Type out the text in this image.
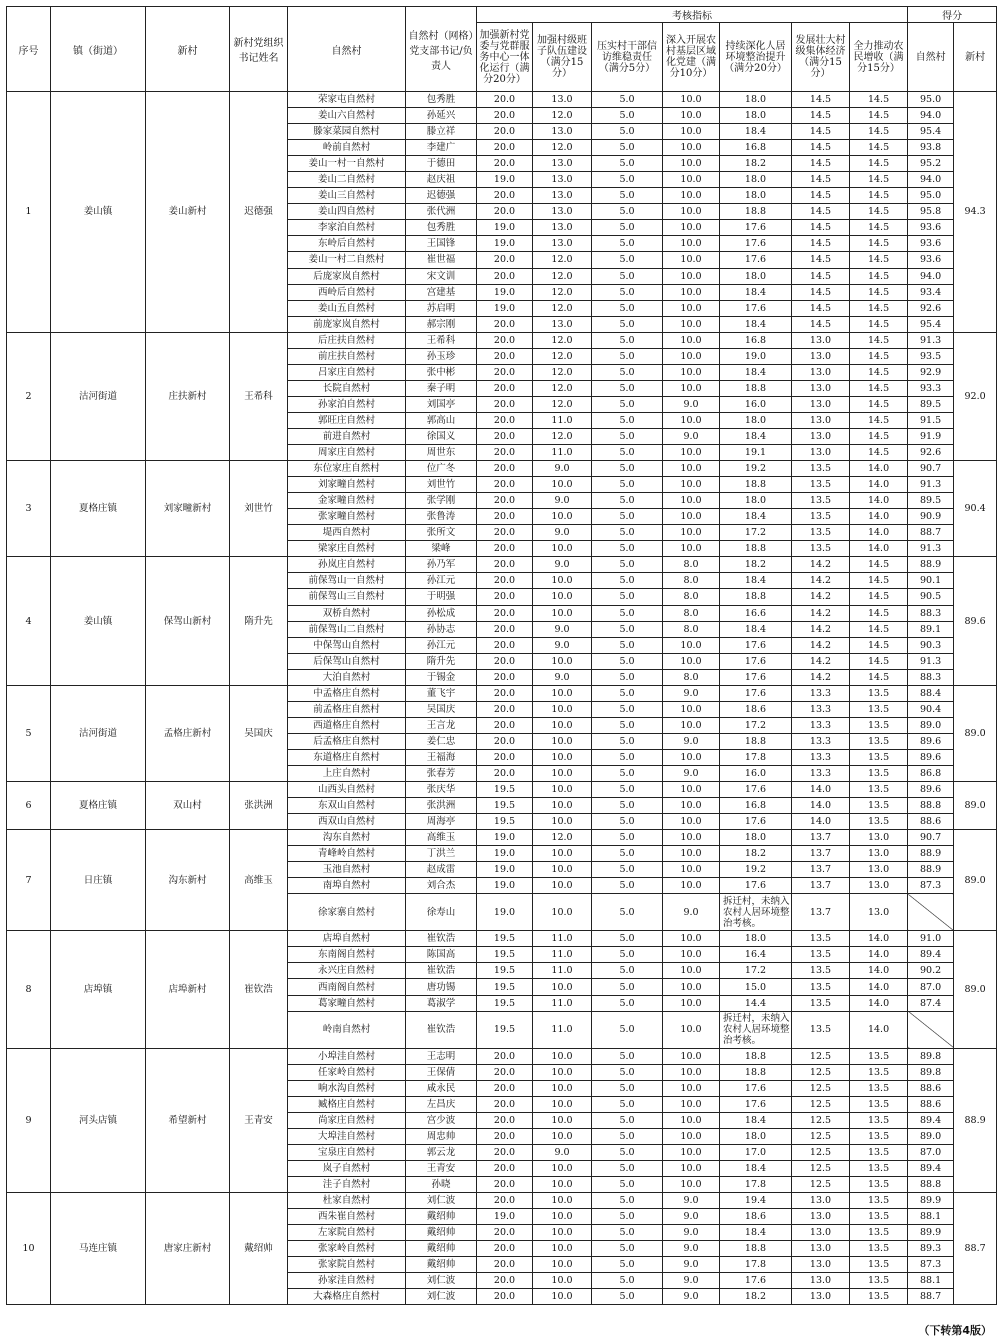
序号	镇（街道）	新村	新村党组织书记姓名	自然村	自然村（网格）党支部书记/负责人	考核指标							得分	
						加强新村党委与党群服务中心一体化运行（满分20分）	加强村级班子队伍建设（满分15分）	压实村干部信访维稳责任（满分5分）	深入开展农村基层区域化党建（满分10分）	持续深化人居环境整治提升（满分20分）	发展壮大村级集体经济（满分15分）	全力推动农民增收（满分15分）	自然村	新村
1	姜山镇	姜山新村	迟德强	荣家屯自然村	包秀胜	20.0	13.0	5.0	10.0	18.0	14.5	14.5	95.0	94.3
				姜山六自然村	孙延兴	20.0	12.0	5.0	10.0	18.0	14.5	14.5	94.0	
				滕家菜园自然村	滕立祥	20.0	13.0	5.0	10.0	18.4	14.5	14.5	95.4	
				岭前自然村	李建广	20.0	12.0	5.0	10.0	16.8	14.5	14.5	93.8	
				姜山一村一自然村	于德田	20.0	13.0	5.0	10.0	18.2	14.5	14.5	95.2	
				姜山二自然村	赵庆祖	19.0	13.0	5.0	10.0	18.0	14.5	14.5	94.0	
				姜山三自然村	迟德强	20.0	13.0	5.0	10.0	18.0	14.5	14.5	95.0	
				姜山四自然村	张代洲	20.0	13.0	5.0	10.0	18.8	14.5	14.5	95.8	
				李家泊自然村	包秀胜	19.0	13.0	5.0	10.0	17.6	14.5	14.5	93.6	
				东岭后自然村	王国锋	19.0	13.0	5.0	10.0	17.6	14.5	14.5	93.6	
				姜山一村二自然村	崔世福	20.0	12.0	5.0	10.0	17.6	14.5	14.5	93.6	
				后庞家岚自然村	宋文训	20.0	12.0	5.0	10.0	18.0	14.5	14.5	94.0	
				西岭后自然村	宫建基	19.0	12.0	5.0	10.0	18.4	14.5	14.5	93.4	
				姜山五自然村	苏启明	19.0	12.0	5.0	10.0	17.6	14.5	14.5	92.6	
				前庞家岚自然村	郝宗刚	20.0	13.0	5.0	10.0	18.4	14.5	14.5	95.4	
2	沽河街道	庄扶新村	王希科	后庄扶自然村	王希科	20.0	12.0	5.0	10.0	16.8	13.0	14.5	91.3	92.0
				前庄扶自然村	孙玉珍	20.0	12.0	5.0	10.0	19.0	13.0	14.5	93.5	
				吕家庄自然村	张中彬	20.0	12.0	5.0	10.0	18.4	13.0	14.5	92.9	
				长院自然村	秦子明	20.0	12.0	5.0	10.0	18.8	13.0	14.5	93.3	
				孙家泊自然村	刘国亭	20.0	12.0	5.0	9.0	16.0	13.0	14.5	89.5	
				郭旺庄自然村	郭高山	20.0	11.0	5.0	10.0	18.0	13.0	14.5	91.5	
				前进自然村	徐国义	20.0	12.0	5.0	9.0	18.4	13.0	14.5	91.9	
				周家庄自然村	周世东	20.0	11.0	5.0	10.0	19.1	13.0	14.5	92.6	
3	夏格庄镇	刘家疃新村	刘世竹	东位家庄自然村	位广冬	20.0	9.0	5.0	10.0	19.2	13.5	14.0	90.7	90.4
				刘家疃自然村	刘世竹	20.0	10.0	5.0	10.0	18.8	13.5	14.0	91.3	
				金家疃自然村	张学刚	20.0	9.0	5.0	10.0	18.0	13.5	14.0	89.5	
				张家疃自然村	张鲁涛	20.0	10.0	5.0	10.0	18.4	13.5	14.0	90.9	
				堤西自然村	张所文	20.0	9.0	5.0	10.0	17.2	13.5	14.0	88.7	
				梁家庄自然村	梁峰	20.0	10.0	5.0	10.0	18.8	13.5	14.0	91.3	
4	姜山镇	保驾山新村	隋升先	孙岚庄自然村	孙乃军	20.0	9.0	5.0	8.0	18.2	14.2	14.5	88.9	89.6
				前保驾山一自然村	孙江元	20.0	10.0	5.0	8.0	18.4	14.2	14.5	90.1	
				前保驾山三自然村	于明强	20.0	10.0	5.0	8.0	18.8	14.2	14.5	90.5	
				双桥自然村	孙松成	20.0	10.0	5.0	8.0	16.6	14.2	14.5	88.3	
				前保驾山二自然村	孙协志	20.0	9.0	5.0	8.0	18.4	14.2	14.5	89.1	
				中保驾山自然村	孙江元	20.0	9.0	5.0	10.0	17.6	14.2	14.5	90.3	
				后保驾山自然村	隋升先	20.0	10.0	5.0	10.0	17.6	14.2	14.5	91.3	
				大泊自然村	于锡金	20.0	9.0	5.0	8.0	17.6	14.2	14.5	88.3	
5	沽河街道	孟格庄新村	吴国庆	中孟格庄自然村	董飞宇	20.0	10.0	5.0	9.0	17.6	13.3	13.5	88.4	89.0
				前孟格庄自然村	吴国庆	20.0	10.0	5.0	10.0	18.6	13.3	13.5	90.4	
				西道格庄自然村	王言龙	20.0	10.0	5.0	10.0	17.2	13.3	13.5	89.0	
				后孟格庄自然村	姜仁忠	20.0	10.0	5.0	9.0	18.8	13.3	13.5	89.6	
				东道格庄自然村	王福海	20.0	10.0	5.0	10.0	17.8	13.3	13.5	89.6	
				上庄自然村	张春芳	20.0	10.0	5.0	9.0	16.0	13.3	13.5	86.8	
6	夏格庄镇	双山村	张洪洲	山西头自然村	张庆华	19.5	10.0	5.0	10.0	17.6	14.0	13.5	89.6	89.0
				东双山自然村	张洪洲	19.5	10.0	5.0	10.0	16.8	14.0	13.5	88.8	
				西双山自然村	周海亭	19.5	10.0	5.0	10.0	17.6	14.0	13.5	88.6	
7	日庄镇	沟东新村	高维玉	沟东自然村	高维玉	19.0	12.0	5.0	10.0	18.0	13.7	13.0	90.7	89.0
				青峰岭自然村	丁洪兰	19.0	10.0	5.0	10.0	18.2	13.7	13.0	88.9	
				玉池自然村	赵成雷	19.0	10.0	5.0	10.0	19.2	13.7	13.0	88.9	
				南埠自然村	刘合杰	19.0	10.0	5.0	10.0	17.6	13.7	13.0	87.3	
				徐家寨自然村	徐寿山	19.0	10.0	5.0	9.0	拆迁村，未纳入农村人居环境整治考核。	13.7	13.0		
8	店埠镇	店埠新村	崔钦浩	店埠自然村	崔钦浩	19.5	11.0	5.0	10.0	18.0	13.5	14.0	91.0	89.0
				东南阁自然村	陈国高	19.5	11.0	5.0	10.0	16.4	13.5	14.0	89.4	
				永兴庄自然村	崔钦浩	19.5	11.0	5.0	10.0	17.2	13.5	14.0	90.2	
				西南阁自然村	唐功锡	19.5	10.0	5.0	10.0	15.0	13.5	14.0	87.0	
				葛家疃自然村	葛淑学	19.5	11.0	5.0	10.0	14.4	13.5	14.0	87.4	
				岭南自然村	崔钦浩	19.5	11.0	5.0	10.0	拆迁村，未纳入农村人居环境整治考核。	13.5	14.0		
9	河头店镇	希望新村	王青安	小埠洼自然村	王志明	20.0	10.0	5.0	10.0	18.8	12.5	13.5	89.8	88.9
				任家岭自然村	王保倩	20.0	10.0	5.0	10.0	18.8	12.5	13.5	89.8	
				响水沟自然村	咸永民	20.0	10.0	5.0	10.0	17.6	12.5	13.5	88.6	
				臧格庄自然村	左昌庆	20.0	10.0	5.0	10.0	17.6	12.5	13.5	88.6	
				尚家庄自然村	宫少波	20.0	10.0	5.0	10.0	18.4	12.5	13.5	89.4	
				大埠洼自然村	周忠帅	20.0	10.0	5.0	10.0	18.0	12.5	13.5	89.0	
				宝泉庄自然村	郭云龙	20.0	9.0	5.0	10.0	17.0	12.5	13.5	87.0	
				岚子自然村	王青安	20.0	10.0	5.0	10.0	18.4	12.5	13.5	89.4	
				洼子自然村	孙晓	20.0	10.0	5.0	10.0	17.8	12.5	13.5	88.8	
10	马连庄镇	唐家庄新村	戴绍帅	杜家自然村	刘仁波	20.0	10.0	5.0	9.0	19.4	13.0	13.5	89.9	88.7
				西朱崔自然村	戴绍帅	19.0	10.0	5.0	9.0	18.6	13.0	13.5	88.1	
				左家院自然村	戴绍帅	20.0	10.0	5.0	9.0	18.4	13.0	13.5	89.9	
				张家岭自然村	戴绍帅	20.0	10.0	5.0	9.0	18.8	13.0	13.5	89.3	
				张家院自然村	戴绍帅	20.0	10.0	5.0	9.0	17.8	13.0	13.5	87.3	
				孙家洼自然村	刘仁波	20.0	10.0	5.0	9.0	17.6	13.0	13.5	88.1	
				大森格庄自然村	刘仁波	20.0	10.0	5.0	9.0	18.2	13.0	13.5	88.7	
（下转第4版）
